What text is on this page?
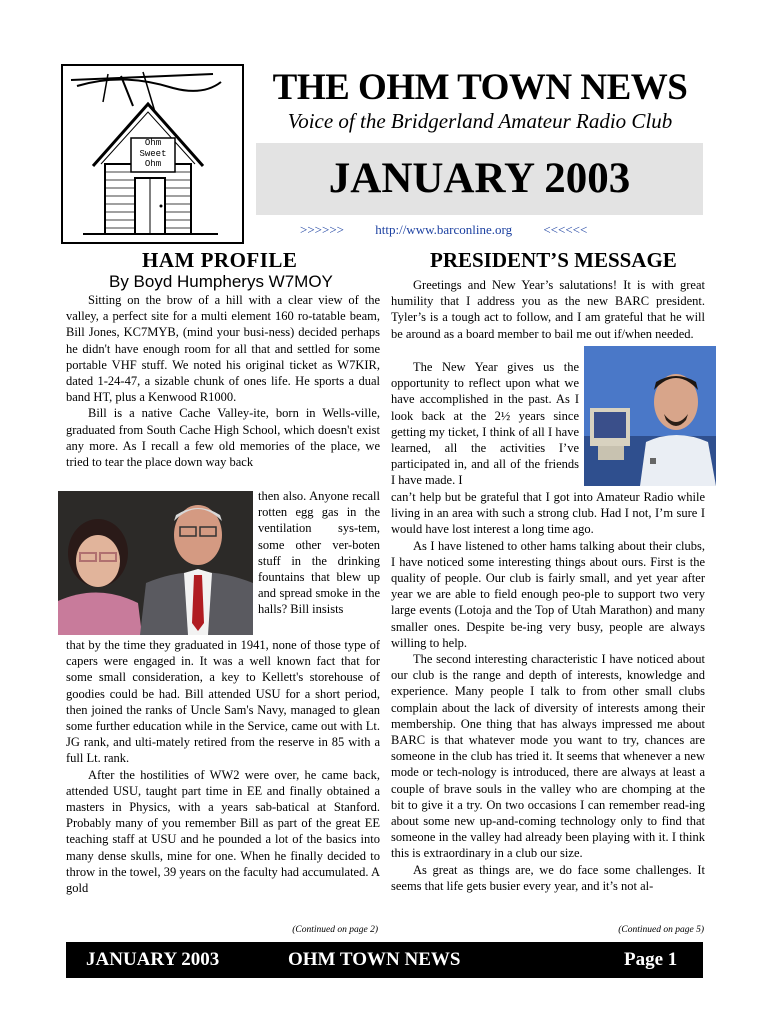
Ohm
Sweet
Ohm
THE OHM TOWN NEWS
Voice of the Bridgerland Amateur Radio Club
JANUARY 2003
>>>>>> http://www.barconline.org <<<<<<
HAM PROFILE
By Boyd Humpherys W7MOY

Sitting on the brow of a hill with a clear view of the valley, a perfect site for a multi element 160 ro-tatable beam, Bill Jones, KC7MYB, (mind your busi-ness) decided perhaps he didn't have enough room for all that and settled for some portable VHF stuff. We noted his original ticket as W7KIR, dated 1-24-47, a sizable chunk of ones life. He sports a dual band HT, plus a Kenwood R1000.

Bill is a native Cache Valley-ite, born in Wells-ville, graduated from South Cache High School, which doesn't exist any more. As I recall a few old memories of the place, we tried to tear the place down way back

then also. Anyone recall rotten egg gas in the ventilation sys-tem, some other ver-boten stuff in the drinking fountains that blew up and spread smoke in the halls? Bill insists

that by the time they graduated in 1941, none of those type of capers were engaged in. It was a well known fact that for some small consideration, a key to Kellett's storehouse of goodies could be had. Bill attended USU for a short period, then joined the ranks of Uncle Sam's Navy, managed to glean some further education while in the Service, came out with Lt. JG rank, and ulti-mately retired from the reserve in 85 with a full Lt. rank.

After the hostilities of WW2 were over, he came back, attended USU, taught part time in EE and finally obtained a masters in Physics, with a years sab-batical at Stanford. Probably many of you remember Bill as part of the great EE teaching staff at USU and he pounded a lot of the basics into many dense skulls, mine for one. When he finally decided to throw in the towel, 39 years on the faculty had accumulated. A gold

(Continued on page 2)
PRESIDENT’S MESSAGE

Greetings and New Year’s salutations! It is with great humility that I address you as the new BARC president. Tyler’s is a tough act to follow, and I am grateful that he will be around as a board member to bail me out if/when needed.

The New Year gives us the opportunity to reflect upon what we have accomplished in the past. As I look back at the 2½ years since getting my ticket, I think of all I have learned, all the activities I’ve participated in, and all of the friends I have made. I

can’t help but be grateful that I got into Amateur Radio while living in an area with such a strong club. Had I not, I’m sure I would have lost interest a long time ago.

As I have listened to other hams talking about their clubs, I have noticed some interesting things about ours. First is the quality of people. Our club is fairly small, and yet year after year we are able to field enough peo-ple to support two very large events (Lotoja and the Top of Utah Marathon) and many smaller ones. Despite be-ing very busy, people are always willing to help.

The second interesting characteristic I have noticed about our club is the range and depth of interests, knowledge and experience. Many people I talk to from other small clubs complain about the lack of diversity of interests among their membership. One thing that has always impressed me about BARC is that whatever mode you want to try, chances are someone in the club has tried it. It seems that whenever a new mode or tech-nology is introduced, there are always at least a couple of brave souls in the valley who are chomping at the bit to give it a try. On two occasions I can remember read-ing about some new up-and-coming technology only to find that someone in the valley had already been playing with it. I think this is extraordinary in a club our size.

As great as things are, we do face some challenges. It seems that life gets busier every year, and it’s not al-

(Continued on page 5)
JANUARY 2003	OHM TOWN NEWS	Page 1
